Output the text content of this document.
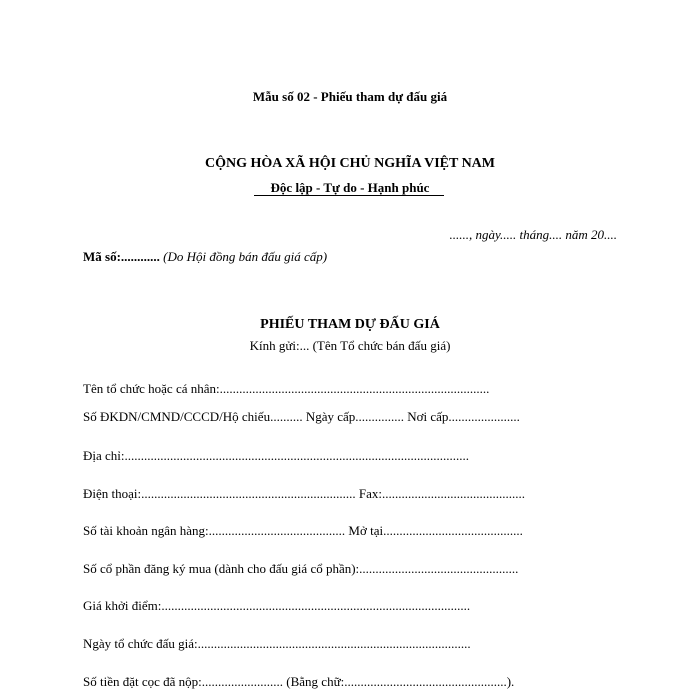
Mẫu số 02 - Phiếu tham dự đấu giá
CỘNG HÒA XÃ HỘI CHỦ NGHĨA VIỆT NAM
Độc lập - Tự do - Hạnh phúc
......, ngày..... tháng.... năm 20....
Mã số:............ (Do Hội đồng bán đấu giá cấp)
PHIẾU THAM DỰ ĐẤU GIÁ
Kính gửi:... (Tên Tổ chức bán đấu giá)
Tên tổ chức hoặc cá nhân:...................................................................................
Số ĐKDN/CMND/CCCD/Hộ chiếu.......... Ngày cấp............... Nơi cấp......................
Địa chỉ:..........................................................................................................
Điện thoại:.................................................................. Fax:............................................
Số tài khoản ngân hàng:.......................................... Mở tại...........................................
Số cổ phần đăng ký mua (dành cho đấu giá cổ phần):.................................................
Giá khởi điểm:...............................................................................................
Ngày tổ chức đấu giá:....................................................................................
Số tiền đặt cọc đã nộp:......................... (Bằng chữ:..................................................).
